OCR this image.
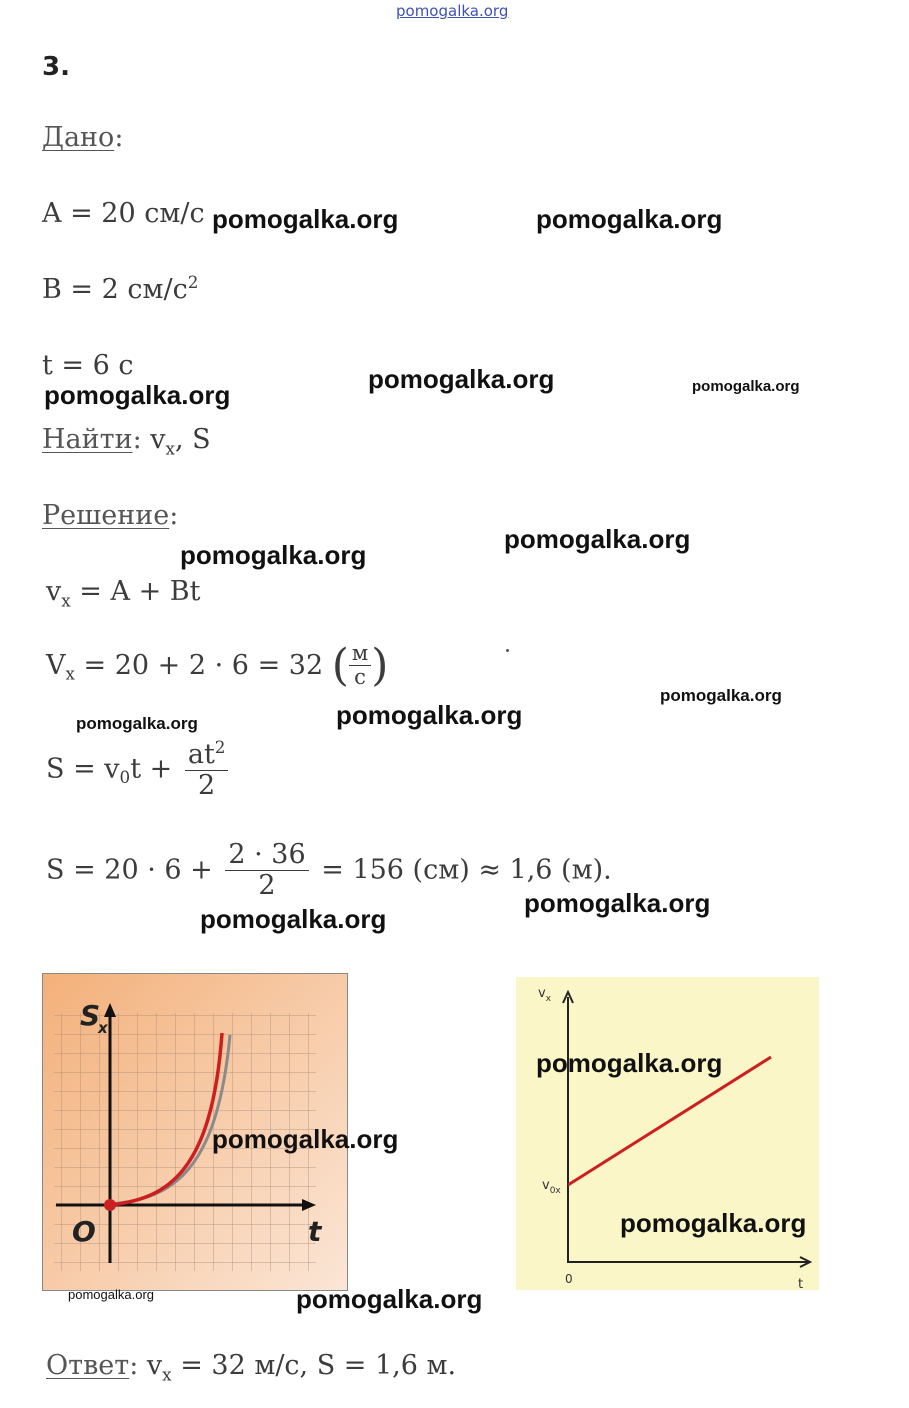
pomogalka.org
3.
Дано:
A = 20 см/с
B = 2 $см/с^2$
t = 6 с
Найти: $v_x$, S
Решение:
$v_x = A + Bt$
$V_x = 20 + 2 \cdot 6 = 32$ ( $\frac{м}{с}$ )
$S = v_0t + \frac{at^2}{2}$
$S = 20 \cdot 6 + \frac{2 \cdot 36}{2} = 156$ (см) ≈ 1,6 (м).
S
x
O	t
$v_x$
$v_{0x}$
0	t
Ответ: $v_x = 32$ м/с, S = 1,6 м.
pomogalka.org	pomogalka.org
pomogalka.org	pomogalka.org
pomogalka.org
pomogalka.org
pomogalka.org
pomogalka.org
pomogalka.org
pomogalka.org
pomogalka.org
pomogalka.org
pomogalka.org
pomogalka.org
pomogalka.org
pomogalka.org	pomogalka.org
